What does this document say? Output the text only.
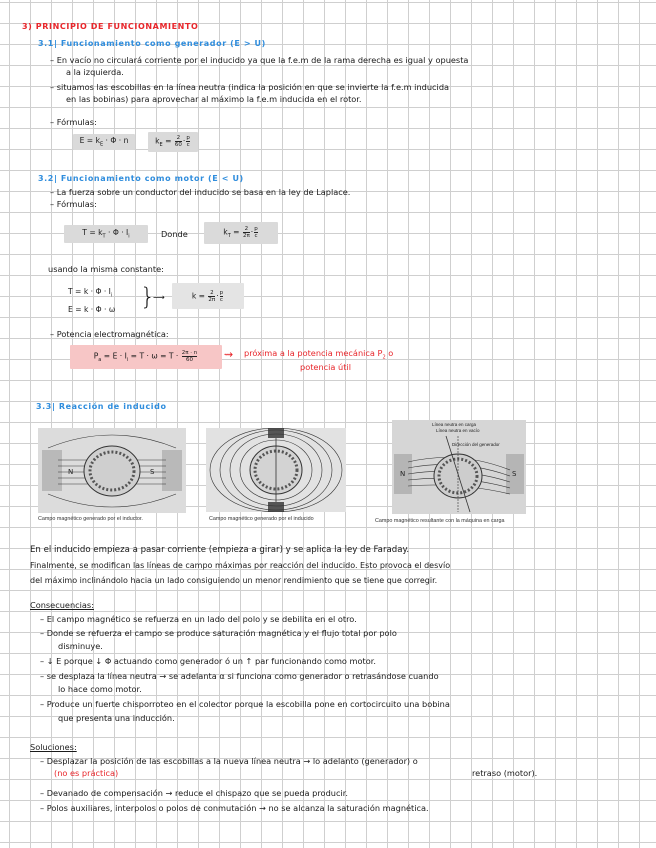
3) PRINCIPIO DE FUNCIONAMIENTO
3.1| Funcionamiento como generador (E > U)
– En vacío no circulará corriente por el inducido ya que la f.e.m de la rama derecha es igual y opuesta
a la izquierda.
– situamos las escobillas en la línea neutra (indica la posición en que se invierte la f.e.m inducida
en las bobinas) para aprovechar al máximo la f.e.m inducida en el rotor.
– Fórmulas:
$E = k_E \cdot \Phi \cdot n$	$k_E = \frac{2}{60} \cdot \frac{p}{c}$
3.2| Funcionamiento como motor (E < U)
– La fuerza sobre un conductor del inducido se basa en la ley de Laplace.
– Fórmulas:
$T = k_T \cdot \Phi \cdot I_i$	Donde	$k_T = \frac{2}{2\pi} \cdot \frac{p}{c}$
usando la misma constante:
$T = k \cdot \Phi \cdot I_i$
E = k · Φ · ω }
⟶	$k = \frac{2}{2\pi} \cdot \frac{p}{c}$
– Potencia electromagnética:
$P_a = E \cdot I_i = T \cdot \omega = T \cdot \frac{2\pi \cdot n}{60}$ ⇝ próxima a la potencia mecánica $P_2$ o
potencia útil
3.3| Reacción de inducido
N	S
Campo magnético generado por el inductor.	Campo magnético generado por el inducido
Línea neutra en carga
Línea neutra en vacío
Dirección del generador
N	S
Campo magnético resultante con la máquina en carga
En el inducido empieza a pasar corriente (empieza a girar) y se aplica la ley de Faraday.
Finalmente, se modifican las líneas de campo máximas por reacción del inducido. Esto provoca el desvío
del máximo inclinándolo hacia un lado consiguiendo un menor rendimiento que se tiene que corregir.
Consecuencias:
– El campo magnético se refuerza en un lado del polo y se debilita en el otro.
– Donde se refuerza el campo se produce saturación magnética y el flujo total por polo
disminuye.
– ↓ E porque ↓ Φ actuando como generador ó un ↑ par funcionando como motor.
– se desplaza la línea neutra → se adelanta α si funciona como generador o retrasándose cuando
lo hace como motor.
– Produce un fuerte chisporroteo en el colector porque la escobilla pone en cortocircuito una bobina
que presenta una inducción.
Soluciones:
– Desplazar la posición de las escobillas a la nueva línea neutra → lo adelanto (generador) o
(no es práctica)	retraso (motor).
– Devanado de compensación → reduce el chispazo que se pueda producir.
– Polos auxiliares, interpolos o polos de conmutación → no se alcanza la saturación magnética.
